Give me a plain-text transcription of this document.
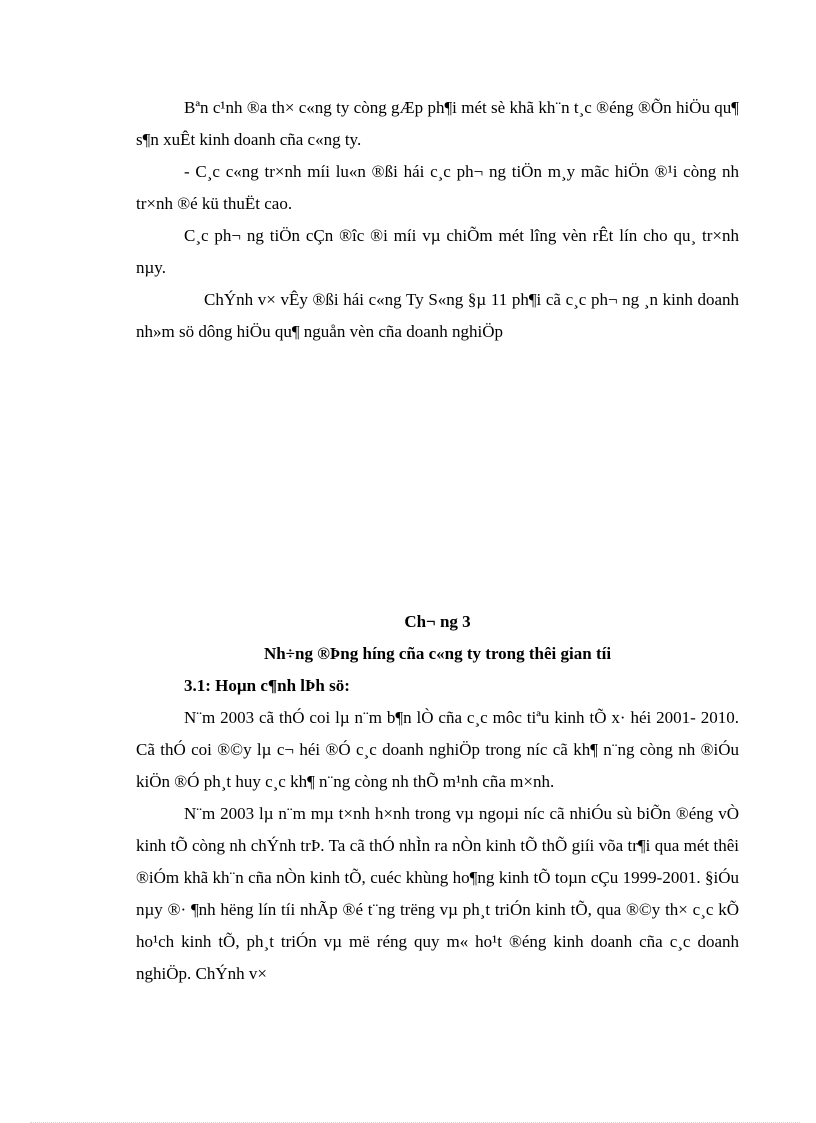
Bªn c¹nh ®a th× c«ng ty còng gÆp ph¶i mét sè khã kh¨n t¸c ®éng ®Õn hiÖu qu¶ s¶n xuÊt kinh doanh cña c«ng ty.

- C¸c c«ng tr×nh míi lu«n ®ßi hái c¸c ph¬ ng tiÖn m¸y mãc hiÖn ®¹i còng nh tr×nh ®é kü thuËt cao.

C¸c ph¬ ng tiÖn cÇn ®îc ®i míi vµ chiÕm mét lîng vèn rÊt lín cho qu¸ tr×nh nµy.

ChÝnh v× vÊy ®ßi hái c«ng Ty S«ng §µ 11 ph¶i cã c¸c ph¬ ng ¸n kinh doanh nh»m sö dông hiÖu qu¶ nguån vèn cña doanh nghiÖp

Ch¬ ng 3

Nh÷ng ®Þng híng cña c«ng ty trong thêi gian tíi

3.1: Hoµn c¶nh lÞh sö:

N¨m 2003 cã thÓ coi lµ n¨m b¶n lÒ cña c¸c môc tiªu kinh tÕ x· héi 2001- 2010. Cã thÓ coi ®©y lµ c¬ héi ®Ó c¸c doanh nghiÖp trong níc cã kh¶ n¨ng còng nh ®iÓu kiÖn ®Ó ph¸t huy c¸c kh¶ n¨ng còng nh thÕ m¹nh cña m×nh.

N¨m 2003 lµ n¨m mµ t×nh h×nh trong vµ ngoµi níc cã nhiÓu sù biÕn ®éng vÒ kinh tÕ còng nh chÝnh trÞ. Ta cã thÓ nhÌn ra nÒn kinh tÕ thÕ giíi võa tr¶i qua mét thêi ®iÓm khã kh¨n cña nÒn kinh tÕ, cuéc khùng ho¶ng kinh tÕ toµn cÇu 1999-2001. §iÓu nµy ®· ¶nh hëng lín tíi nhÃp ®é t¨ng trëng vµ ph¸t triÓn kinh tÕ, qua ®©y th× c¸c kÕ ho¹ch kinh tÕ, ph¸t triÓn vµ më réng quy m« ho¹t ®éng kinh doanh cña c¸c doanh nghiÖp. ChÝnh v×
